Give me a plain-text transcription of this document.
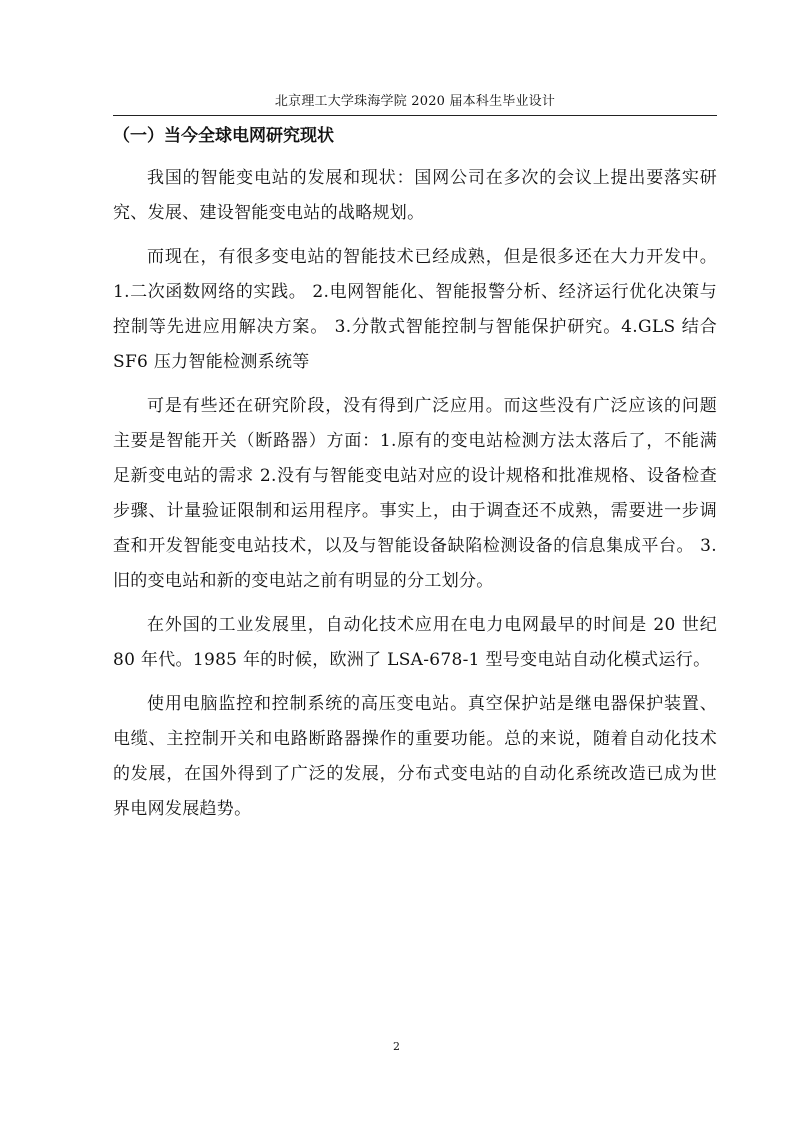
北京理工大学珠海学院 2020 届本科生毕业设计
（一）当今全球电网研究现状

我国的智能变电站的发展和现状：国网公司在多次的会议上提出要落实研究、发展、建设智能变电站的战略规划。

而现在，有很多变电站的智能技术已经成熟，但是很多还在大力开发中。 1.二次函数网络的实践。 2.电网智能化、智能报警分析、经济运行优化决策与控制等先进应用解决方案。 3.分散式智能控制与智能保护研究。4.GLS 结合 SF6 压力智能检测系统等

可是有些还在研究阶段，没有得到广泛应用。而这些没有广泛应该的问题主要是智能开关（断路器）方面：1.原有的变电站检测方法太落后了，不能满足新变电站的需求 2.没有与智能变电站对应的设计规格和批准规格、设备检查步骤、计量验证限制和运用程序。事实上，由于调查还不成熟，需要进一步调查和开发智能变电站技术，以及与智能设备缺陷检测设备的信息集成平台。 3.旧的变电站和新的变电站之前有明显的分工划分。

在外国的工业发展里，自动化技术应用在电力电网最早的时间是 20 世纪 80 年代。1985 年的时候，欧洲了 LSA-678-1 型号变电站自动化模式运行。

使用电脑监控和控制系统的高压变电站。真空保护站是继电器保护装置、电缆、主控制开关和电路断路器操作的重要功能。总的来说，随着自动化技术的发展，在国外得到了广泛的发展，分布式变电站的自动化系统改造已成为世界电网发展趋势。

2
